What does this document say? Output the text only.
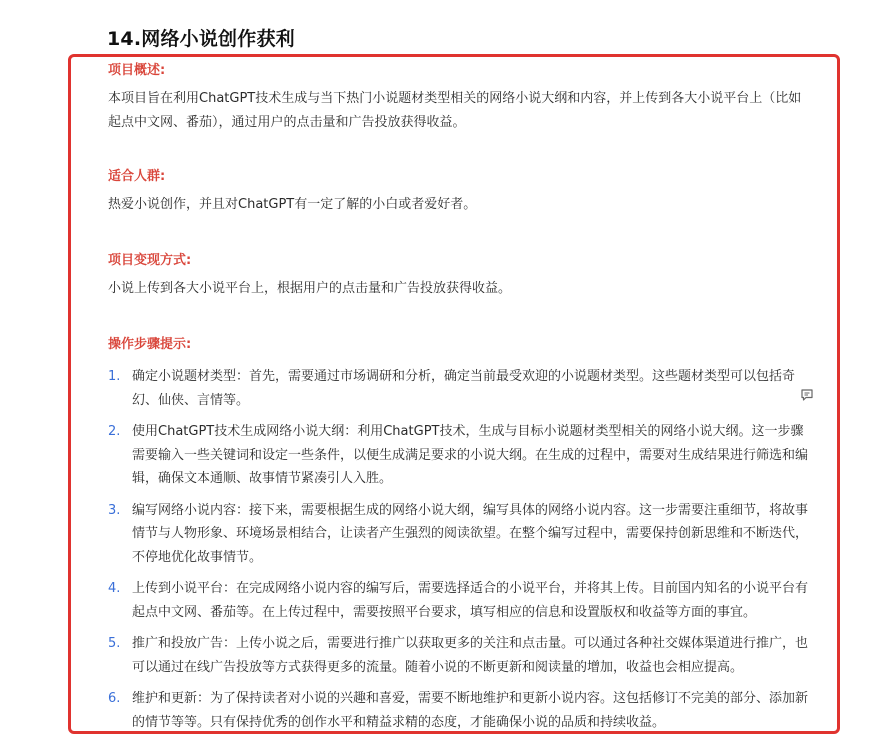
14.网络小说创作获利
项目概述:
本项目旨在利用ChatGPT技术生成与当下热门小说题材类型相关的网络小说大纲和内容，并上传到各大小说平台上（比如起点中文网、番茄），通过用户的点击量和广告投放获得收益。
适合人群:
热爱小说创作，并且对ChatGPT有一定了解的小白或者爱好者。
项目变现方式:
小说上传到各大小说平台上，根据用户的点击量和广告投放获得收益。
操作步骤提示:
1. 确定小说题材类型：首先，需要通过市场调研和分析，确定当前最受欢迎的小说题材类型。这些题材类型可以包括奇幻、仙侠、言情等。
2. 使用ChatGPT技术生成网络小说大纲：利用ChatGPT技术，生成与目标小说题材类型相关的网络小说大纲。这一步骤需要输入一些关键词和设定一些条件，以便生成满足要求的小说大纲。在生成的过程中，需要对生成结果进行筛选和编辑，确保文本通顺、故事情节紧凑引人入胜。
3. 编写网络小说内容：接下来，需要根据生成的网络小说大纲，编写具体的网络小说内容。这一步需要注重细节，将故事情节与人物形象、环境场景相结合，让读者产生强烈的阅读欲望。在整个编写过程中，需要保持创新思维和不断迭代，不停地优化故事情节。
4. 上传到小说平台：在完成网络小说内容的编写后，需要选择适合的小说平台，并将其上传。目前国内知名的小说平台有起点中文网、番茄等。在上传过程中，需要按照平台要求，填写相应的信息和设置版权和收益等方面的事宜。
5. 推广和投放广告：上传小说之后，需要进行推广以获取更多的关注和点击量。可以通过各种社交媒体渠道进行推广，也可以通过在线广告投放等方式获得更多的流量。随着小说的不断更新和阅读量的增加，收益也会相应提高。
6. 维护和更新：为了保持读者对小说的兴趣和喜爱，需要不断地维护和更新小说内容。这包括修订不完美的部分、添加新的情节等等。只有保持优秀的创作水平和精益求精的态度，才能确保小说的品质和持续收益。
